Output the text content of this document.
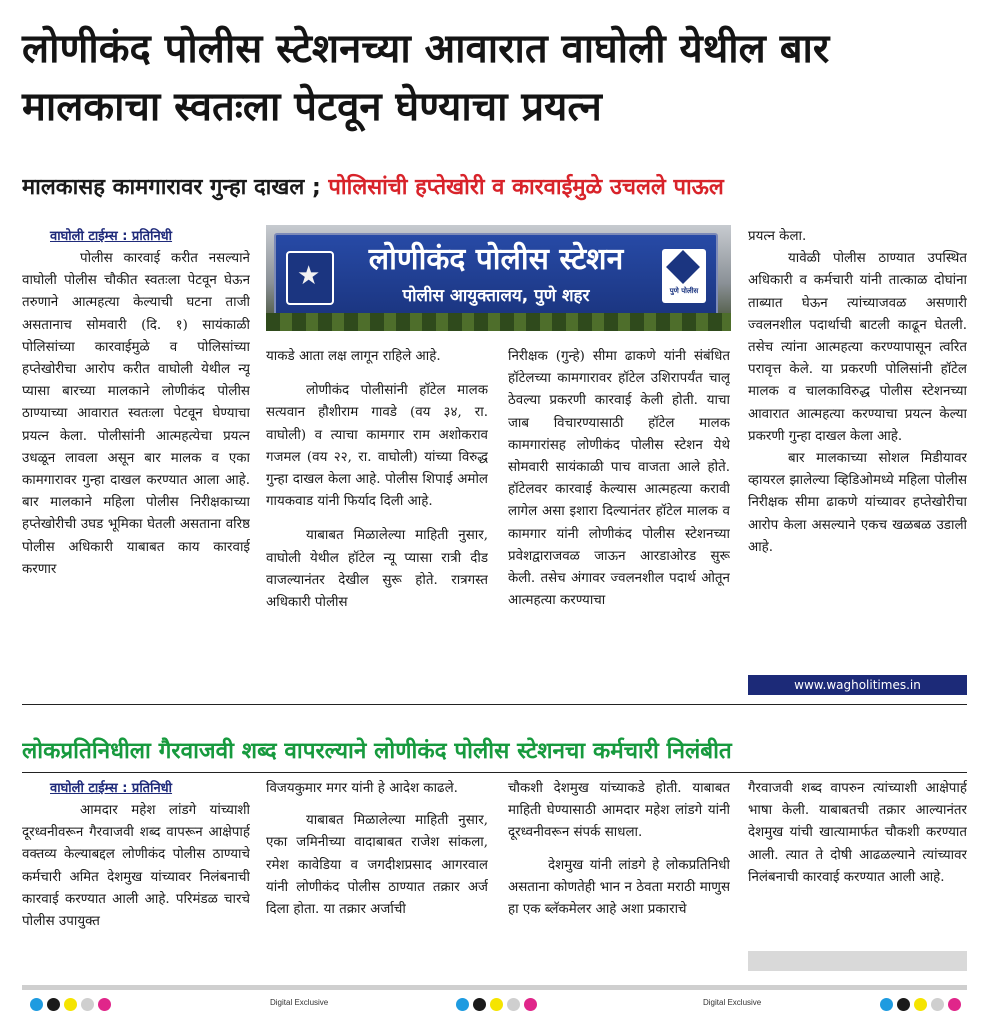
लोणीकंद पोलीस स्टेशनच्या आवारात वाघोली येथील बार मालकाचा स्वतःला पेटवून घेण्याचा प्रयत्न
मालकासह कामगारावर गुन्हा दाखल ; पोलिसांची हप्तेखोरी व कारवाईमुळे उचलले पाऊल
वाघोली टाईम्स : प्रतिनिधी

पोलीस कारवाई करीत नसल्याने वाघोली पोलीस चौकीत स्वतःला पेटवून घेऊन तरुणाने आत्महत्या केल्याची घटना ताजी असतानाच सोमवारी (दि. १) सायंकाळी पोलिसांच्या कारवाईमुळे व पोलिसांच्या हप्तेखोरीचा आरोप करीत वाघोली येथील न्यू प्यासा बारच्या मालकाने लोणीकंद पोलीस ठाण्याच्या आवारात स्वतःला पेटवून घेण्याचा प्रयत्न केला. पोलीसांनी आत्महत्येचा प्रयत्न उधळून लावला असून बार मालक व एका कामगारावर गुन्हा दाखल करण्यात आला आहे. बार मालकाने महिला पोलीस निरीक्षकाच्या हप्तेखोरीची उघड भूमिका घेतली असताना वरिष्ठ पोलीस अधिकारी याबाबत काय कारवाई करणार

★
लोणीकंद पोलीस स्टेशन
पोलीस आयुक्तालय, पुणे शहर	पुणे पोलीस

याकडे आता लक्ष लागून राहिले आहे.

लोणीकंद पोलीसांनी हॉटेल मालक सत्यवान हौशीराम गावडे (वय ३४, रा. वाघोली) व त्याचा कामगार राम अशोकराव गजमल (वय २२, रा. वाघोली) यांच्या विरुद्ध गुन्हा दाखल केला आहे. पोलीस शिपाई अमोल गायकवाड यांनी फिर्याद दिली आहे.

याबाबत मिळालेल्या माहिती नुसार, वाघोली येथील हॉटेल न्यू प्यासा रात्री दीड वाजल्यानंतर देखील सुरू होते. रात्रगस्त अधिकारी पोलीस

निरीक्षक (गुन्हे) सीमा ढाकणे यांनी संबंधित हॉटेलच्या कामगारावर हॉटेल उशिरापर्यंत चालू ठेवल्या प्रकरणी कारवाई केली होती. याचा जाब विचारण्यासाठी हॉटेल मालक कामगारांसह लोणीकंद पोलीस स्टेशन येथे सोमवारी सायंकाळी पाच वाजता आले होते. हॉटेलवर कारवाई केल्यास आत्महत्या करावी लागेल असा इशारा दिल्यानंतर हॉटेल मालक व कामगार यांनी लोणीकंद पोलीस स्टेशनच्या प्रवेशद्वाराजवळ जाऊन आरडाओरड सुरू केली. तसेच अंगावर ज्वलनशील पदार्थ ओतून आत्महत्या करण्याचा

प्रयत्न केला.

यावेळी पोलीस ठाण्यात उपस्थित अधिकारी व कर्मचारी यांनी तात्काळ दोघांना ताब्यात घेऊन त्यांच्याजवळ असणारी ज्वलनशील पदार्थाची बाटली काढून घेतली. तसेच त्यांना आत्महत्या करण्यापासून त्वरित परावृत्त केले. या प्रकरणी पोलिसांनी हॉटेल मालक व चालकाविरुद्ध पोलीस स्टेशनच्या आवारात आत्महत्या करण्याचा प्रयत्न केल्या प्रकरणी गुन्हा दाखल केला आहे.

बार मालकाच्या सोशल मिडीयावर व्हायरल झालेल्या व्हिडिओमध्ये महिला पोलीस निरीक्षक सीमा ढाकणे यांच्यावर हप्तेखोरीचा आरोप केला असल्याने एकच खळबळ उडाली आहे.

www.wagholitimes.in
लोकप्रतिनिधीला गैरवाजवी शब्द वापरल्याने लोणीकंद पोलीस स्टेशनचा कर्मचारी निलंबीत
वाघोली टाईम्स : प्रतिनिधी

आमदार महेश लांडगे यांच्याशी दूरध्वनीवरून गैरवाजवी शब्द वापरून आक्षेपार्ह वक्तव्य केल्याबद्दल लोणीकंद पोलीस ठाण्याचे कर्मचारी अमित देशमुख यांच्यावर निलंबनाची कारवाई करण्यात आली आहे. परिमंडळ चारचे पोलीस उपायुक्त

विजयकुमार मगर यांनी हे आदेश काढले.

याबाबत मिळालेल्या माहिती नुसार, एका जमिनीच्या वादाबाबत राजेश सांकला, रमेश कावेडिया व जगदीशप्रसाद आगरवाल यांनी लोणीकंद पोलीस ठाण्यात तक्रार अर्ज दिला होता. या तक्रार अर्जाची

चौकशी देशमुख यांच्याकडे होती. याबाबत माहिती घेण्यासाठी आमदार महेश लांडगे यांनी दूरध्वनीवरून संपर्क साधला.

देशमुख यांनी लांडगे हे लोकप्रतिनिधी असताना कोणतेही भान न ठेवता मराठी माणुस हा एक ब्लॅकमेलर आहे अशा प्रकाराचे

गैरवाजवी शब्द वापरुन त्यांच्याशी आक्षेपार्ह भाषा केली. याबाबतची तक्रार आल्यानंतर देशमुख यांची खात्यामार्फत चौकशी करण्यात आली. त्यात ते दोषी आढळल्याने त्यांच्यावर निलंबनाची कारवाई करण्यात आली आहे.

Digital Exclusive	Digital Exclusive
